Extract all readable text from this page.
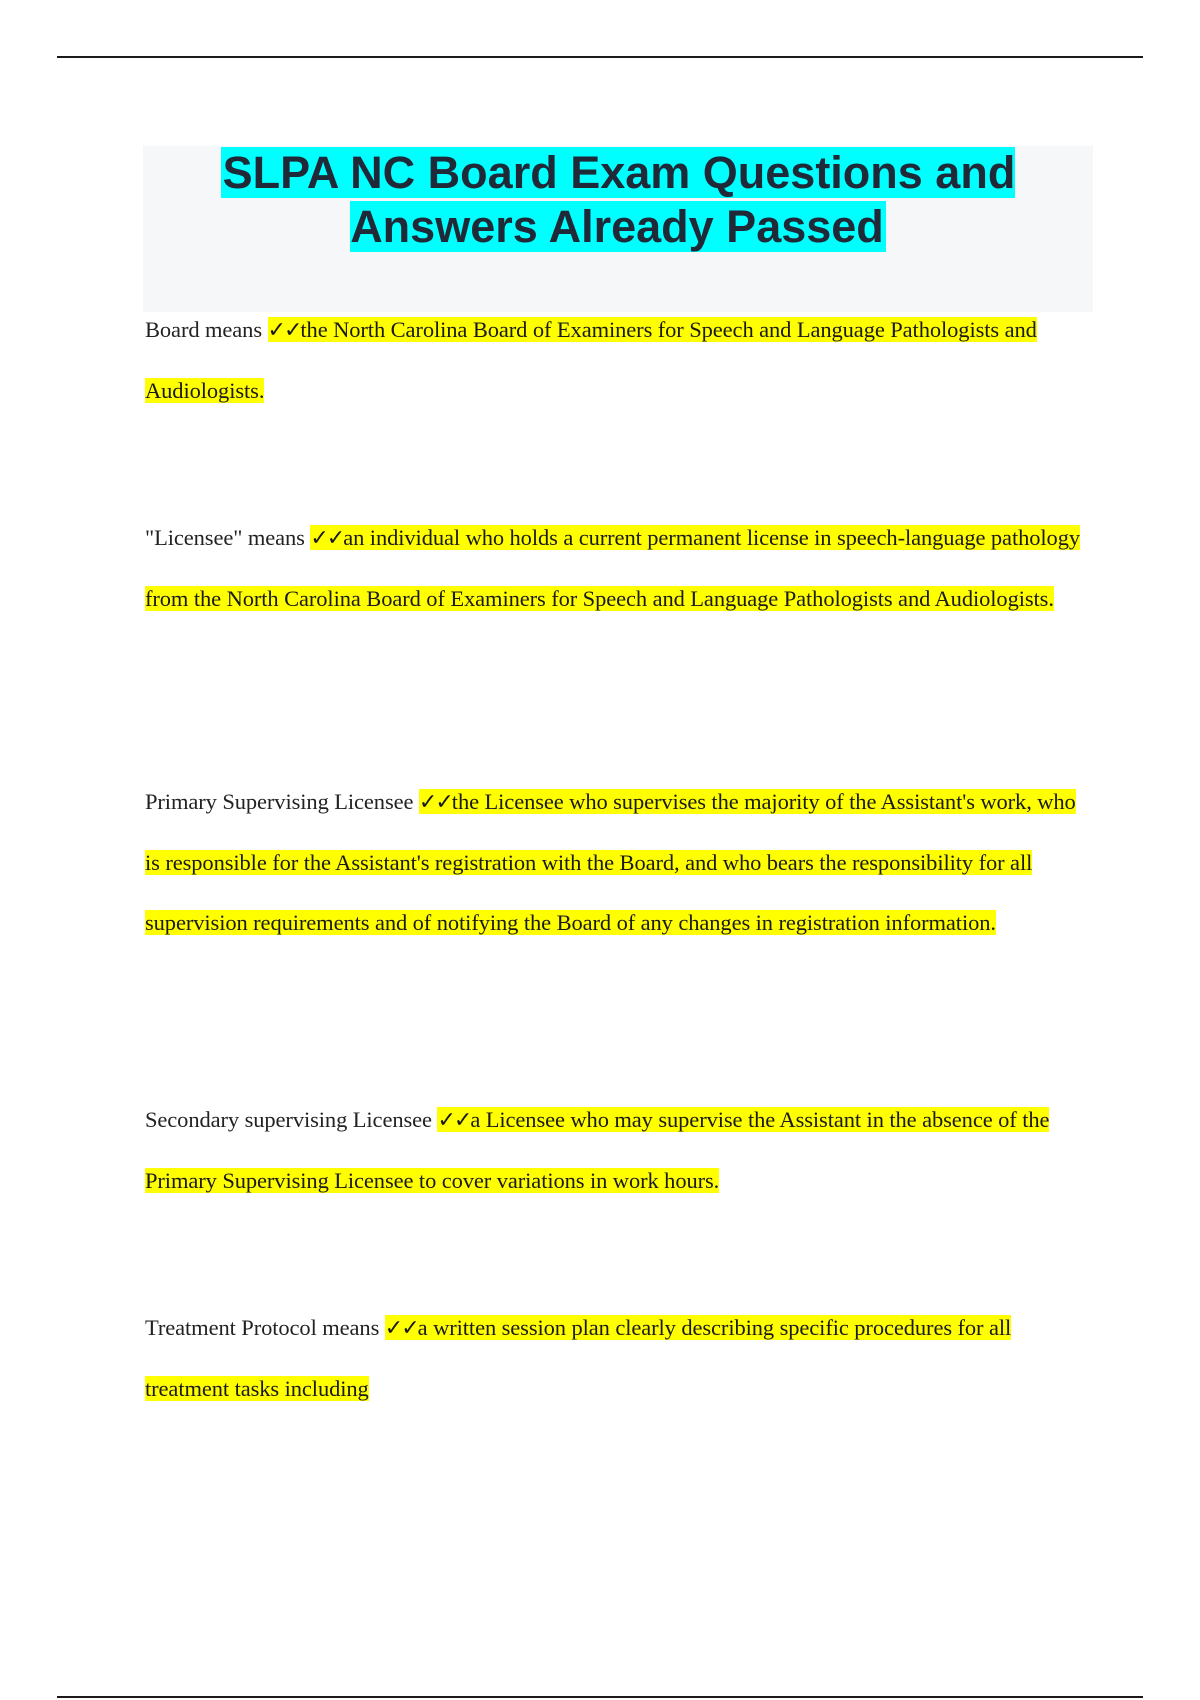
SLPA NC Board Exam Questions and Answers Already Passed

Board means ✓✓the North Carolina Board of Examiners for Speech and Language Pathologists and Audiologists.

"Licensee" means ✓✓an individual who holds a current permanent license in speech-language pathology from the North Carolina Board of Examiners for Speech and Language Pathologists and Audiologists.

Primary Supervising Licensee ✓✓the Licensee who supervises the majority of the Assistant's work, who is responsible for the Assistant's registration with the Board, and who bears the responsibility for all supervision requirements and of notifying the Board of any changes in registration information.

Secondary supervising Licensee ✓✓a Licensee who may supervise the Assistant in the absence of the Primary Supervising Licensee to cover variations in work hours.

Treatment Protocol means ✓✓a written session plan clearly describing specific procedures for all treatment tasks including
